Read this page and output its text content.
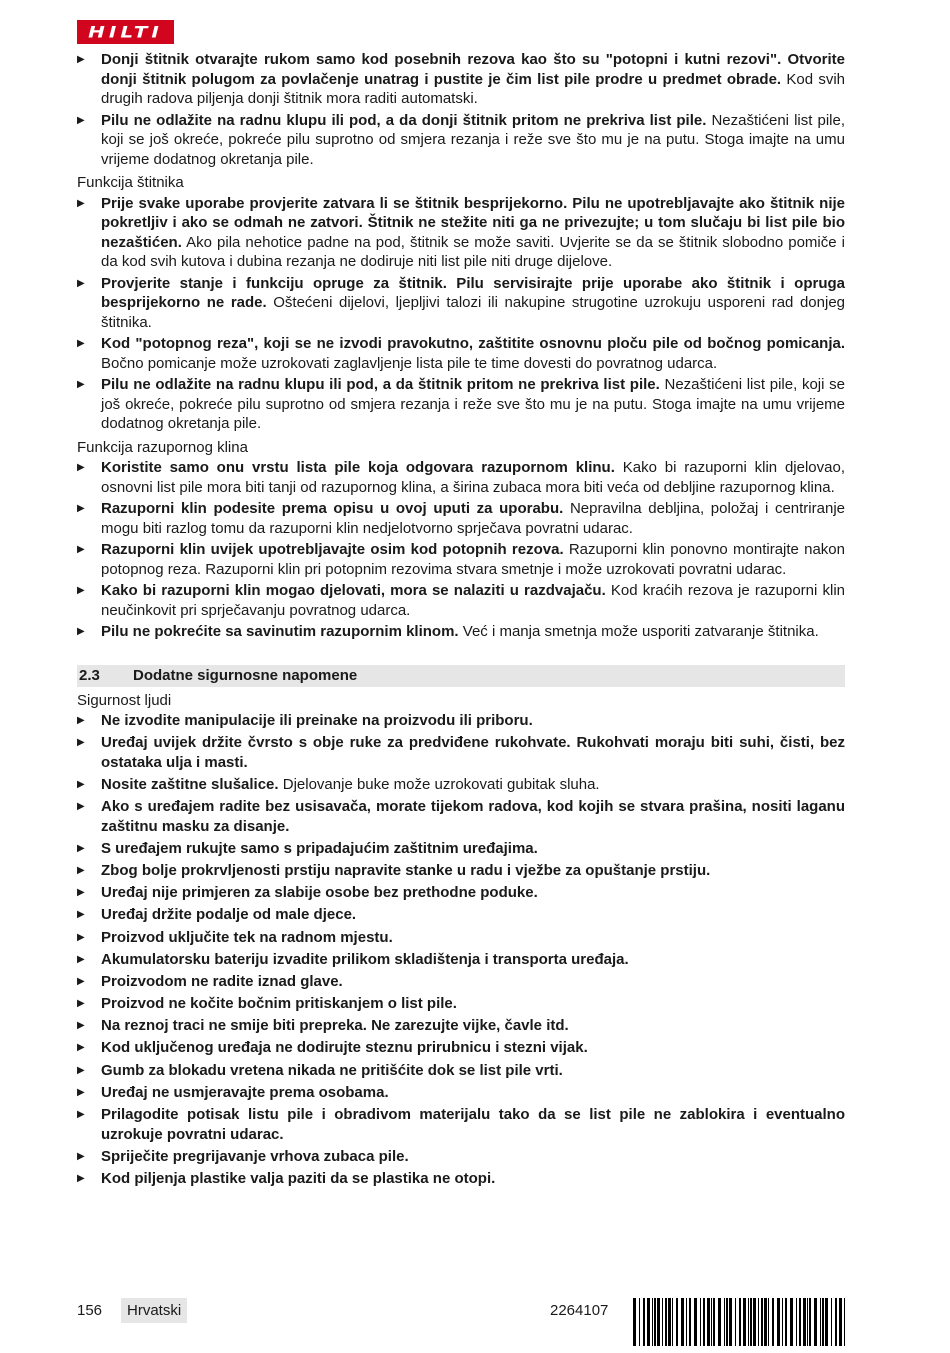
HILTI
▶ Donji štitnik otvarajte rukom samo kod posebnih rezova kao što su "potopni i kutni rezovi". Otvorite donji štitnik polugom za povlačenje unatrag i pustite je čim list pile prodre u predmet obrade. Kod svih drugih radova piljenja donji štitnik mora raditi automatski.
▶ Pilu ne odlažite na radnu klupu ili pod, a da donji štitnik pritom ne prekriva list pile. Nezaštićeni list pile, koji se još okreće, pokreće pilu suprotno od smjera rezanja i reže sve što mu je na putu. Stoga imajte na umu vrijeme dodatnog okretanja pile.
Funkcija štitnika
▶ Prije svake uporabe provjerite zatvara li se štitnik besprijekorno. Pilu ne upotrebljavajte ako štitnik nije pokretljiv i ako se odmah ne zatvori. Štitnik ne stežite niti ga ne privezujte; u tom slučaju bi list pile bio nezaštićen. Ako pila nehotice padne na pod, štitnik se može saviti. Uvjerite se da se štitnik slobodno pomiče i da kod svih kutova i dubina rezanja ne dodiruje niti list pile niti druge dijelove.
▶ Provjerite stanje i funkciju opruge za štitnik. Pilu servisirajte prije uporabe ako štitnik i opruga besprijekorno ne rade. Oštećeni dijelovi, ljepljivi talozi ili nakupine strugotine uzrokuju usporeni rad donjeg štitnika.
▶ Kod "potopnog reza", koji se ne izvodi pravokutno, zaštitite osnovnu ploču pile od bočnog pomicanja. Bočno pomicanje može uzrokovati zaglavljenje lista pile te time dovesti do povratnog udarca.
▶ Pilu ne odlažite na radnu klupu ili pod, a da štitnik pritom ne prekriva list pile. Nezaštićeni list pile, koji se još okreće, pokreće pilu suprotno od smjera rezanja i reže sve što mu je na putu. Stoga imajte na umu vrijeme dodatnog okretanja pile.
Funkcija razupornog klina
▶ Koristite samo onu vrstu lista pile koja odgovara razupornom klinu. Kako bi razuporni klin djelovao, osnovni list pile mora biti tanji od razupornog klina, a širina zubaca mora biti veća od debljine razupornog klina.
▶ Razuporni klin podesite prema opisu u ovoj uputi za uporabu. Nepravilna debljina, položaj i centriranje mogu biti razlog tomu da razuporni klin nedjelotvorno sprječava povratni udarac.
▶ Razuporni klin uvijek upotrebljavajte osim kod potopnih rezova. Razuporni klin ponovno montirajte nakon potopnog reza. Razuporni klin pri potopnim rezovima stvara smetnje i može uzrokovati povratni udarac.
▶ Kako bi razuporni klin mogao djelovati, mora se nalaziti u razdvajaču. Kod kraćih rezova je razuporni klin neučinkovit pri sprječavanju povratnog udarca.
▶ Pilu ne pokrećite sa savinutim razupornim klinom. Već i manja smetnja može usporiti zatvaranje štitnika.
2.3	Dodatne sigurnosne napomene
Sigurnost ljudi
▶ Ne izvodite manipulacije ili preinake na proizvodu ili priboru.
▶ Uređaj uvijek držite čvrsto s obje ruke za predviđene rukohvate. Rukohvati moraju biti suhi, čisti, bez ostataka ulja i masti.
▶ Nosite zaštitne slušalice. Djelovanje buke može uzrokovati gubitak sluha.
▶ Ako s uređajem radite bez usisavača, morate tijekom radova, kod kojih se stvara prašina, nositi laganu zaštitnu masku za disanje.
▶ S uređajem rukujte samo s pripadajućim zaštitnim uređajima.
▶ Zbog bolje prokrvljenosti prstiju napravite stanke u radu i vježbe za opuštanje prstiju.
▶ Uređaj nije primjeren za slabije osobe bez prethodne poduke.
▶ Uređaj držite podalje od male djece.
▶ Proizvod uključite tek na radnom mjestu.
▶ Akumulatorsku bateriju izvadite prilikom skladištenja i transporta uređaja.
▶ Proizvodom ne radite iznad glave.
▶ Proizvod ne kočite bočnim pritiskanjem o list pile.
▶ Na reznoj traci ne smije biti prepreka. Ne zarezujte vijke, čavle itd.
▶ Kod uključenog uređaja ne dodirujte steznu prirubnicu i stezni vijak.
▶ Gumb za blokadu vretena nikada ne pritišćite dok se list pile vrti.
▶ Uređaj ne usmjeravajte prema osobama.
▶ Prilagodite potisak listu pile i obradivom materijalu tako da se list pile ne zablokira i eventualno uzrokuje povratni udarac.
▶ Spriječite pregrijavanje vrhova zubaca pile.
▶ Kod piljenja plastike valja paziti da se plastika ne otopi.
156	Hrvatski	2264107
